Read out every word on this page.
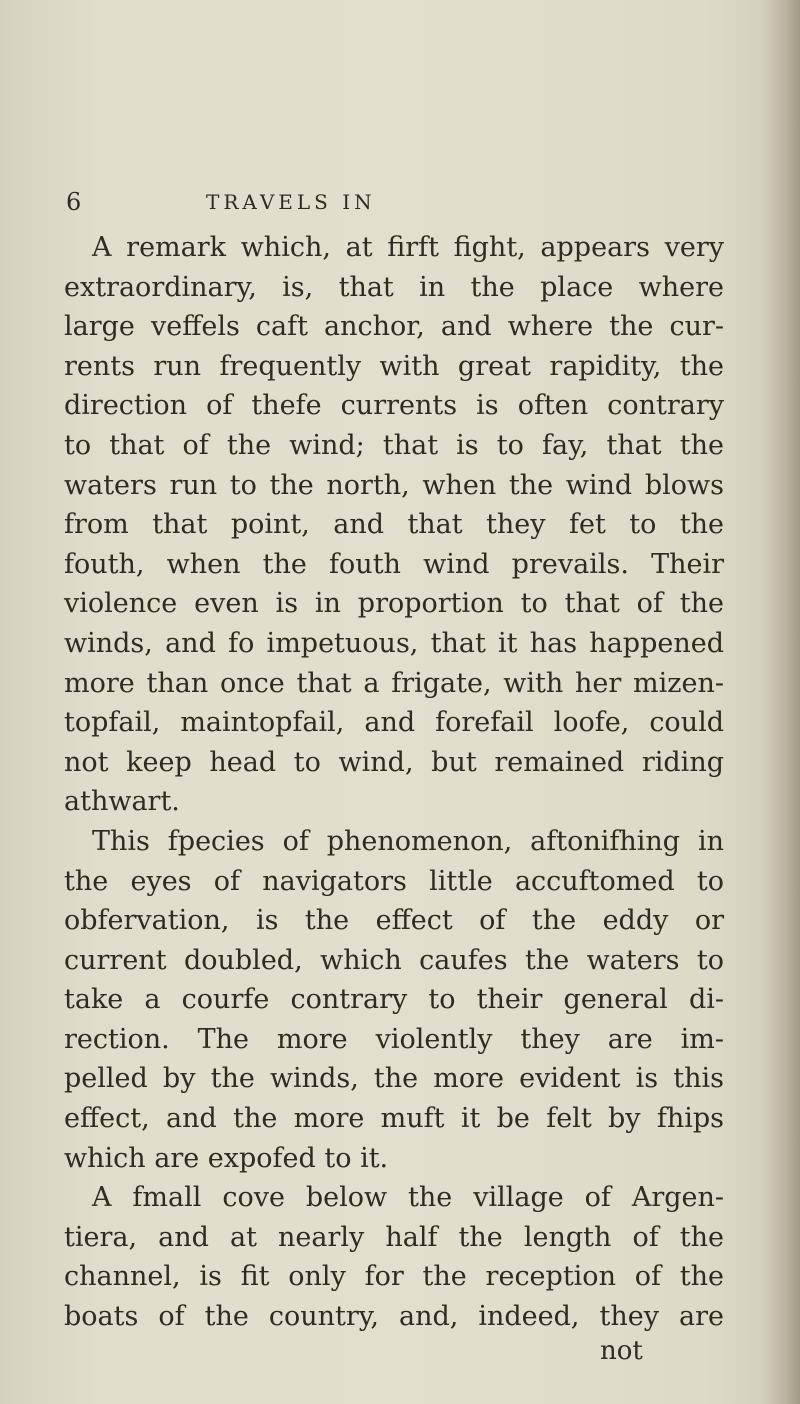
6	TRAVELS IN
A remark which, at firft fight, appears very
extraordinary, is, that in the place where
large veffels caft anchor, and where the cur-
rents run frequently with great rapidity, the
direction of thefe currents is often contrary
to that of the wind; that is to fay, that the
waters run to the north, when the wind blows
from that point, and that they fet to the
fouth, when the fouth wind prevails. Their
violence even is in proportion to that of the
winds, and fo impetuous, that it has happened
more than once that a frigate, with her mizen-
topfail, maintopfail, and forefail loofe, could
not keep head to wind, but remained riding
athwart.
This fpecies of phenomenon, aftonifhing in
the eyes of navigators little accuftomed to
obfervation, is the effect of the eddy or
current doubled, which caufes the waters to
take a courfe contrary to their general di-
rection. The more violently they are im-
pelled by the winds, the more evident is this
effect, and the more muft it be felt by fhips
which are expofed to it.
A fmall cove below the village of Argen-
tiera, and at nearly half the length of the
channel, is fit only for the reception of the
boats of the country, and, indeed, they are
not
